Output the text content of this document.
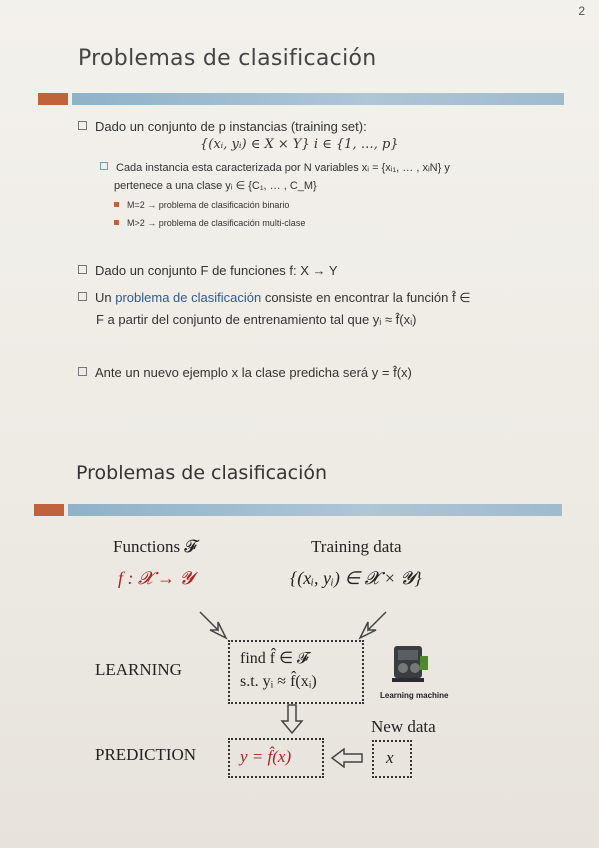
2
Problemas de clasificación
Dado un conjunto de p instancias (training set):
{(xᵢ, yᵢ) ∈ X × Y} i ∈ {1, …, p}
Cada instancia esta caracterizada por N variables xᵢ = {xᵢ₁, … , xᵢN} y
pertenece a una clase yᵢ ∈ {C₁, … , C_M}
M=2 → problema de clasificación binario
M>2 → problema de clasificación multi-clase
Dado un conjunto F de funciones f: X → Y
Un problema de clasificación consiste en encontrar la función f̂ ∈
F a partir del conjunto de entrenamiento tal que yᵢ ≈ f̂(xᵢ)
Ante un nuevo ejemplo x la clase predicha será y = f̂(x)
Problemas de clasificación
Functions 𝓕
f : 𝓧 → 𝓨
Training data
{(xᵢ, yᵢ) ∈ 𝓧 × 𝓨}
LEARNING
find f̂ ∈ 𝓕
s.t. yᵢ ≈ f̂(xᵢ)
Learning machine
New data
PREDICTION	y = f̂(x)	x
